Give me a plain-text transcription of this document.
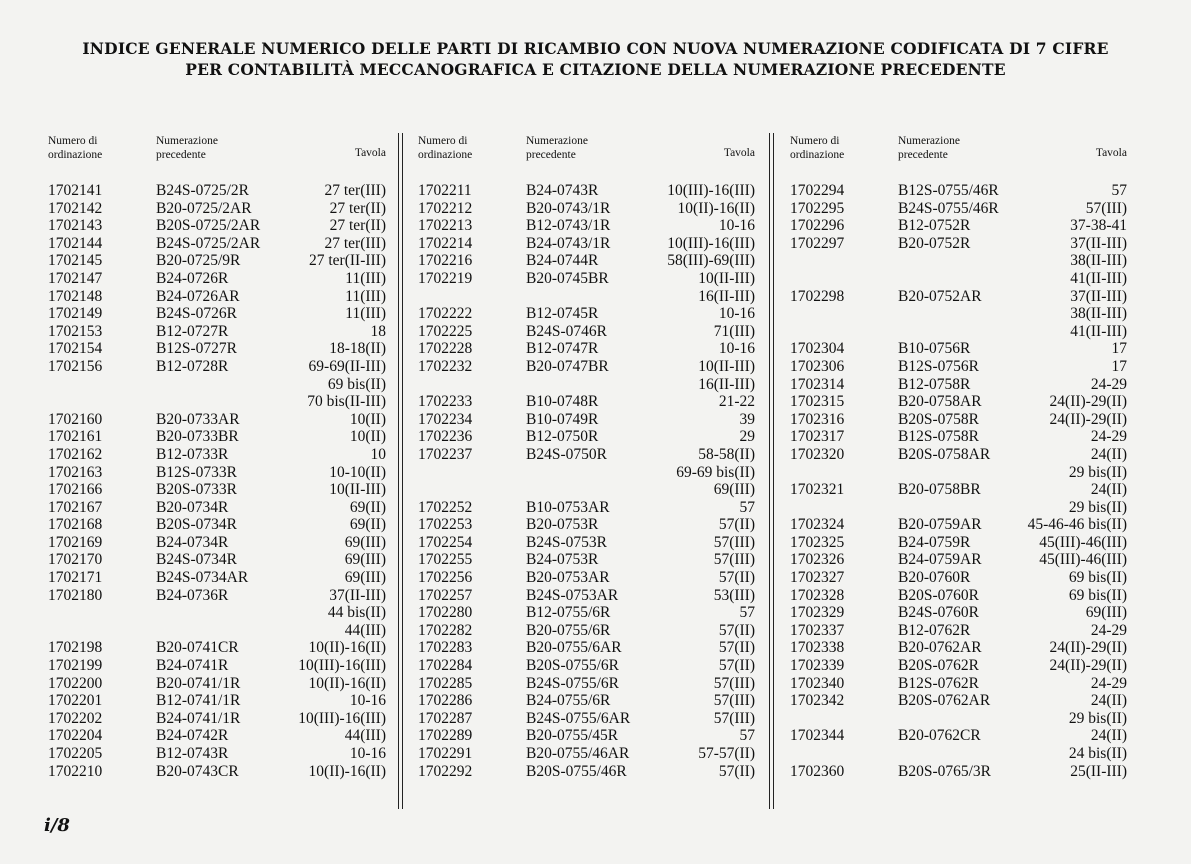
INDICE GENERALE NUMERICO DELLE PARTI DI RICAMBIO CON NUOVA NUMERAZIONE CODIFICATA DI 7 CIFRE
PER CONTABILITÀ MECCANOGRAFICA E CITAZIONE DELLA NUMERAZIONE PRECEDENTE
Numero di
ordinazione
Numerazione
precedente	Tavola
1702141	B24S-0725/2R	27 ter(III)
1702142	B20-0725/2AR	27 ter(II)
1702143	B20S-0725/2AR	27 ter(II)
1702144	B24S-0725/2AR	27 ter(III)
1702145	B20-0725/9R	27 ter(II-III)
1702147	B24-0726R	11(III)
1702148	B24-0726AR	11(III)
1702149	B24S-0726R	11(III)
1702153	B12-0727R	18
1702154	B12S-0727R	18-18(II)
1702156	B12-0728R	69-69(II-III)
69 bis(II)
70 bis(II-III)
1702160	B20-0733AR	10(II)
1702161	B20-0733BR	10(II)
1702162	B12-0733R	10
1702163	B12S-0733R	10-10(II)
1702166	B20S-0733R	10(II-III)
1702167	B20-0734R	69(II)
1702168	B20S-0734R	69(II)
1702169	B24-0734R	69(III)
1702170	B24S-0734R	69(III)
1702171	B24S-0734AR	69(III)
1702180	B24-0736R	37(II-III)
44 bis(II)
44(III)
1702198	B20-0741CR	10(II)-16(II)
1702199	B24-0741R	10(III)-16(III)
1702200	B20-0741/1R	10(II)-16(II)
1702201	B12-0741/1R	10-16
1702202	B24-0741/1R	10(III)-16(III)
1702204	B24-0742R	44(III)
1702205	B12-0743R	10-16
1702210	B20-0743CR	10(II)-16(II)
Numero di
ordinazione
Numerazione
precedente	Tavola
1702211	B24-0743R	10(III)-16(III)
1702212	B20-0743/1R	10(II)-16(II)
1702213	B12-0743/1R	10-16
1702214	B24-0743/1R	10(III)-16(III)
1702216	B24-0744R	58(III)-69(III)
1702219	B20-0745BR	10(II-III)
16(II-III)
1702222	B12-0745R	10-16
1702225	B24S-0746R	71(III)
1702228	B12-0747R	10-16
1702232	B20-0747BR	10(II-III)
16(II-III)
1702233	B10-0748R	21-22
1702234	B10-0749R	39
1702236	B12-0750R	29
1702237	B24S-0750R	58-58(II)
69-69 bis(II)
69(III)
1702252	B10-0753AR	57
1702253	B20-0753R	57(II)
1702254	B24S-0753R	57(III)
1702255	B24-0753R	57(III)
1702256	B20-0753AR	57(II)
1702257	B24S-0753AR	53(III)
1702280	B12-0755/6R	57
1702282	B20-0755/6R	57(II)
1702283	B20-0755/6AR	57(II)
1702284	B20S-0755/6R	57(II)
1702285	B24S-0755/6R	57(III)
1702286	B24-0755/6R	57(III)
1702287	B24S-0755/6AR	57(III)
1702289	B20-0755/45R	57
1702291	B20-0755/46AR	57-57(II)
1702292	B20S-0755/46R	57(II)
Numero di
ordinazione
Numerazione
precedente	Tavola
1702294	B12S-0755/46R	57
1702295	B24S-0755/46R	57(III)
1702296	B12-0752R	37-38-41
1702297	B20-0752R	37(II-III)
38(II-III)
41(II-III)
1702298	B20-0752AR	37(II-III)
38(II-III)
41(II-III)
1702304	B10-0756R	17
1702306	B12S-0756R	17
1702314	B12-0758R	24-29
1702315	B20-0758AR	24(II)-29(II)
1702316	B20S-0758R	24(II)-29(II)
1702317	B12S-0758R	24-29
1702320	B20S-0758AR	24(II)
29 bis(II)
1702321	B20-0758BR	24(II)
29 bis(II)
1702324	B20-0759AR	45-46-46 bis(II)
1702325	B24-0759R	45(III)-46(III)
1702326	B24-0759AR	45(III)-46(III)
1702327	B20-0760R	69 bis(II)
1702328	B20S-0760R	69 bis(II)
1702329	B24S-0760R	69(III)
1702337	B12-0762R	24-29
1702338	B20-0762AR	24(II)-29(II)
1702339	B20S-0762R	24(II)-29(II)
1702340	B12S-0762R	24-29
1702342	B20S-0762AR	24(II)
29 bis(II)
1702344	B20-0762CR	24(II)
24 bis(II)
1702360	B20S-0765/3R	25(II-III)
i/8
